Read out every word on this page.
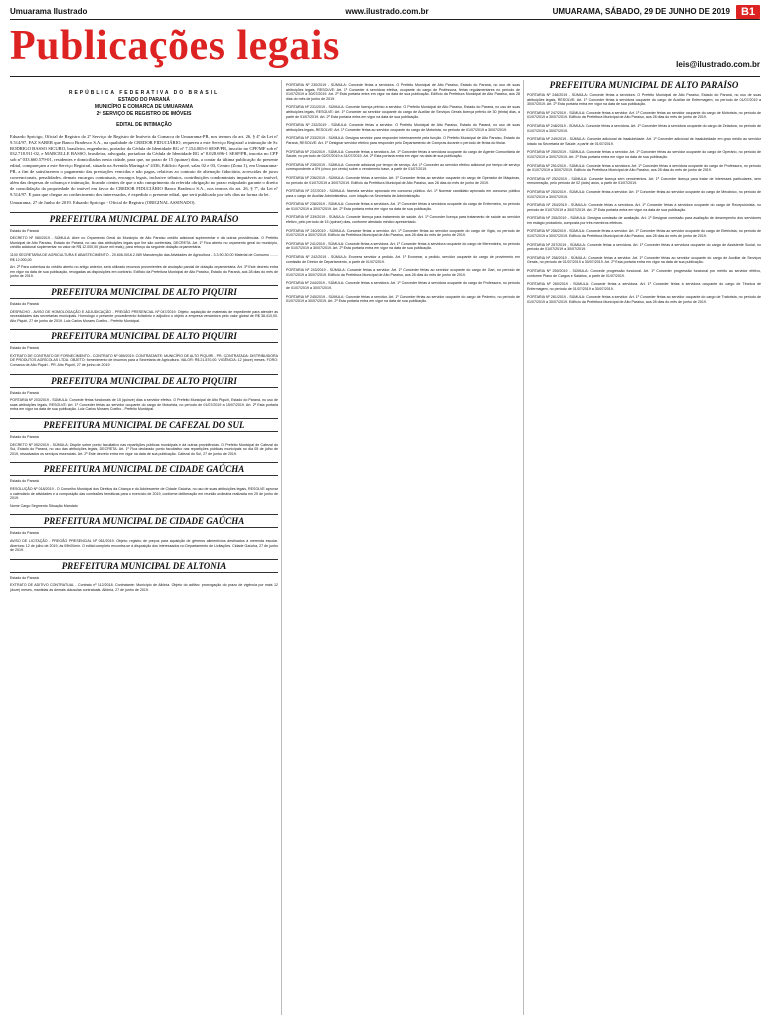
Umuarama Ilustrado	www.ilustrado.com.br	UMUARAMA, SÁBADO, 29 DE JUNHO DE 2019	B1
Publicações legais	leis@ilustrado.com.br
REPÚBLICA FEDERATIVA DO BRASIL
ESTADO DO PARANÁ
MUNICÍPIO E COMARCA DE UMUARAMA
2º SERVIÇO DE REGISTRO DE IMÓVEIS
EDITAL DE INTIMAÇÃO
Eduardo Spricigo, Oficial de Registro do 2º Serviço de Registro de Imóveis da Comarca de Umuarama-PR, nos termos do art. 26, § 4º da Lei nº 9.514/97, FAZ SABER que Banco Bradesco S.A., na qualidade de CREDOR FIDUCIÁRIO, requereu a este Serviço Registral a intimação de Sr. RODRIGO BASSO SICURO, brasileiro, engenheiro, portador da Cédula de Identidade RG nº 7.154.065-0 SESP/PR, inscrito no CPF/MF sob nº 032.718.911-02, e MARCELLE BASSO, brasileira, advogada, portadora da Cédula de Identidade RG nº 8.028.696-1 SESP/PR, inscrita no CPF sob nº 033.660.579-01, residentes e domiciliados nesta cidade, para que, no prazo de 15 (quinze) dias, a contar da última publicação do presente edital, compareçam a este Serviço Registral, situado na Avenida Maringá nº 4336, Edifício Aporé, salas 02 e 03, Centro (Zona 1), em Umuarama-PR, a fim de satisfazerem o pagamento das prestações vencidas e não pagas, relativas ao contrato de alienação fiduciária, acrescidas de juros convencionais, penalidades, demais encargos contratuais, encargos legais, inclusive tributos, contribuições condominiais imputáveis ao imóvel, além das despesas de cobrança e intimação, ficando cientes de que o não cumprimento da referida obrigação no prazo estipulado garante o direito de consolidação da propriedade do imóvel em favor do CREDOR FIDUCIÁRIO Banco Bradesco S.A., nos termos do art. 26, § 7º, da Lei nº 9.514/97. E para que chegue ao conhecimento dos interessados, é expedido o presente edital, que será publicado por três dias na forma da lei.
Umuarama, 27 de Junho de 2019. Eduardo Spricigo - Oficial de Registro (ORIGINAL ASSINADO).
PREFEITURA MUNICIPAL DE ALTO PARAÍSO
Estado do Paraná
DECRETO Nº 080/2019 - SÚMULA: Abre no Orçamento Geral do Município de Alto Paraíso crédito adicional suplementar e dá outras providências. O Prefeito Municipal de Alto Paraíso, Estado do Paraná, no uso das atribuições legais que lhe são conferidas, DECRETA: Art. 1º Fica aberto no orçamento geral do município, crédito adicional suplementar no valor de R$ 12.000,00 (doze mil reais), para reforço da seguinte dotação orçamentária.
1100 SECRETARIA DE AGRICULTURA E ABASTECIMENTO - 20.606.0016.2.089 Manutenção das Atividades de Agricultura - 3.3.90.30.00 Material de Consumo ........ R$ 12.000,00
Art. 2º Para cobertura do crédito aberto no artigo anterior, será utilizado recursos provenientes de anulação parcial de dotação orçamentária. Art. 3º Este decreto entra em vigor na data de sua publicação, revogadas as disposições em contrário. Edifício da Prefeitura Municipal de Alto Paraíso, Estado do Paraná, aos 28 dias do mês de junho de 2019.
PREFEITURA MUNICIPAL DE ALTO PIQUIRI
Estado do Paraná
DESPACHO - AVISO DE HOMOLOGAÇÃO E ADJUDICAÇÃO - PREGÃO PRESENCIAL Nº 047/2019. Objeto: aquisição de materiais de expediente para atender as necessidades das secretarias municipais. Homologo o presente procedimento licitatório e adjudico o objeto a empresa vencedora pelo valor global de R$ 38.410,00. Alto Piquiri, 27 de junho de 2019. Luiz Carlos Moraes Coelho - Prefeito Municipal.
PREFEITURA MUNICIPAL DE ALTO PIQUIRI
Estado do Paraná
EXTRATO DE CONTRATO DE FORNECIMENTO - CONTRATO Nº 089/2019. CONTRATANTE: MUNICÍPIO DE ALTO PIQUIRI - PR. CONTRATADA: DISTRIBUIDORA DE PRODUTOS AGRÍCOLAS LTDA. OBJETO: fornecimento de insumos para a Secretaria de Agricultura. VALOR: R$ 21.870,00. VIGÊNCIA: 12 (doze) meses. FORO: Comarca de Alto Piquiri - PR. Alto Piquiri, 27 de junho de 2019.
PREFEITURA MUNICIPAL DE ALTO PIQUIRI
Estado do Paraná
PORTARIA Nº 203/2019 - SÚMULA: Concede férias funcionais de 15 (quinze) dias a servidor efetivo. O Prefeito Municipal de Alto Piquiri, Estado do Paraná, no uso de suas atribuições legais, RESOLVE: Art. 1º Conceder férias ao servidor ocupante do cargo de Motorista, no período de 01/07/2019 a 15/07/2019. Art. 2º Esta portaria entra em vigor na data de sua publicação. Luiz Carlos Moraes Coelho - Prefeito Municipal.
PREFEITURA MUNICIPAL DE CAFEZAL DO SUL
Estado do Paraná
DECRETO Nº 052/2019 - SÚMULA: Dispõe sobre ponto facultativo nas repartições públicas municipais e dá outras providências. O Prefeito Municipal de Cafezal do Sul, Estado do Paraná, no uso das atribuições legais, DECRETA: Art. 1º Fica declarado ponto facultativo nas repartições públicas municipais no dia 05 de julho de 2019, ressalvados os serviços essenciais. Art. 2º Este decreto entra em vigor na data de sua publicação. Cafezal do Sul, 27 de junho de 2019.
PREFEITURA MUNICIPAL DE CIDADE GAÚCHA
Estado do Paraná
RESOLUÇÃO Nº 018/2019 - O Conselho Municipal dos Direitos da Criança e do Adolescente de Cidade Gaúcha, no uso de suas atribuições legais, RESOLVE aprovar o calendário de atividades e a composição das comissões temáticas para o exercício de 2019, conforme deliberação em reunião ordinária realizada em 25 de junho de 2019.
Nome Cargo Segmento Situação Mandato
PREFEITURA MUNICIPAL DE CIDADE GAÚCHA
Estado do Paraná
AVISO DE LICITAÇÃO - PREGÃO PRESENCIAL Nº 061/2019. Objeto: registro de preços para aquisição de gêneros alimentícios destinados à merenda escolar. Abertura: 12 de julho de 2019, às 09h00min. O edital completo encontra-se à disposição dos interessados no Departamento de Licitações. Cidade Gaúcha, 27 de junho de 2019.
PREFEITURA MUNICIPAL DE ALTONIA
Estado do Paraná
EXTRATO DE ADITIVO CONTRATUAL - Contrato nº 112/2018. Contratante: Município de Altônia. Objeto do aditivo: prorrogação do prazo de vigência por mais 12 (doze) meses, mantidas as demais cláusulas contratuais. Altônia, 27 de junho de 2019.
PORTARIA Nº 230/2019 - SÚMULA: Concede férias a servidora. O Prefeito Municipal de Alto Paraíso, Estado do Paraná, no uso de suas atribuições legais, RESOLVE: Art. 1º Conceder à servidora efetiva, ocupante do cargo de Professora, férias regulamentares no período de 01/07/2019 a 30/07/2019. Art. 2º Esta portaria entra em vigor na data de sua publicação. Edifício da Prefeitura Municipal de Alto Paraíso, aos 28 dias do mês de junho de 2019.
PORTARIA Nº 231/2019 - SÚMULA: Concede licença prêmio a servidor. O Prefeito Municipal de Alto Paraíso, Estado do Paraná, no uso de suas atribuições legais, RESOLVE: Art. 1º Conceder ao servidor ocupante do cargo de Auxiliar de Serviços Gerais licença prêmio de 30 (trinta) dias, a partir de 01/07/2019. Art. 2º Esta portaria entra em vigor na data de sua publicação.
PORTARIA Nº 232/2019 - SÚMULA: Concede férias a servidor. O Prefeito Municipal de Alto Paraíso, Estado do Paraná, no uso de suas atribuições legais, RESOLVE: Art. 1º Conceder férias ao servidor ocupante do cargo de Motorista, no período de 01/07/2019 a 30/07/2019.
PORTARIA Nº 233/2019 - SÚMULA: Designa servidor para responder interinamente pela função. O Prefeito Municipal de Alto Paraíso, Estado do Paraná, RESOLVE: Art. 1º Designar servidor efetivo para responder pelo Departamento de Compras durante o período de férias do titular.
PORTARIA Nº 234/2019 - SÚMULA: Concede férias a servidora. Art. 1º Conceder férias à servidora ocupante do cargo de Agente Comunitária de Saúde, no período de 02/07/2019 a 31/07/2019. Art. 2º Esta portaria entra em vigor na data de sua publicação.
PORTARIA Nº 235/2019 - SÚMULA: Concede adicional por tempo de serviço. Art. 1º Conceder ao servidor efetivo adicional por tempo de serviço correspondente a 5% (cinco por cento) sobre o vencimento base, a partir de 01/07/2019.
PORTARIA Nº 236/2019 - SÚMULA: Concede férias a servidor. Art. 1º Conceder férias ao servidor ocupante do cargo de Operador de Máquinas, no período de 01/07/2019 a 30/07/2019. Edifício da Prefeitura Municipal de Alto Paraíso, aos 28 dias do mês de junho de 2019.
PORTARIA Nº 237/2019 - SÚMULA: Nomeia servidor aprovado em concurso público. Art. 1º Nomear candidato aprovado em concurso público para o cargo de Auxiliar Administrativo, com lotação na Secretaria de Administração.
PORTARIA Nº 238/2019 - SÚMULA: Concede férias a servidora. Art. 1º Conceder férias à servidora ocupante do cargo de Enfermeira, no período de 01/07/2019 a 30/07/2019. Art. 2º Esta portaria entra em vigor na data de sua publicação.
PORTARIA Nº 239/2019 - SÚMULA: Concede licença para tratamento de saúde. Art. 1º Conceder licença para tratamento de saúde ao servidor efetivo, pelo período de 15 (quinze) dias, conforme atestado médico apresentado.
PORTARIA Nº 240/2019 - SÚMULA: Concede férias a servidor. Art. 1º Conceder férias ao servidor ocupante do cargo de Vigia, no período de 01/07/2019 a 30/07/2019. Edifício da Prefeitura Municipal de Alto Paraíso, aos 28 dias do mês de junho de 2019.
PORTARIA Nº 241/2019 - SÚMULA: Concede férias a servidora. Art. 1º Conceder férias à servidora ocupante do cargo de Merendeira, no período de 01/07/2019 a 30/07/2019. Art. 2º Esta portaria entra em vigor na data de sua publicação.
PORTARIA Nº 242/2019 - SÚMULA: Exonera servidor a pedido. Art. 1º Exonerar, a pedido, servidor ocupante do cargo de provimento em comissão de Diretor de Departamento, a partir de 01/07/2019.
PORTARIA Nº 243/2019 - SÚMULA: Concede férias a servidor. Art. 1º Conceder férias ao servidor ocupante do cargo de Gari, no período de 01/07/2019 a 30/07/2019. Edifício da Prefeitura Municipal de Alto Paraíso, aos 28 dias do mês de junho de 2019.
PORTARIA Nº 244/2019 - SÚMULA: Concede férias a servidora. Art. 1º Conceder férias à servidora ocupante do cargo de Professora, no período de 01/07/2019 a 30/07/2019.
PORTARIA Nº 245/2019 - SÚMULA: Concede férias a servidor. Art. 1º Conceder férias ao servidor ocupante do cargo de Pedreiro, no período de 01/07/2019 a 30/07/2019. Art. 2º Esta portaria entra em vigor na data de sua publicação.
PREFEITURA MUNICIPAL DE ALTO PARAÍSO
PORTARIA Nº 246/2019 - SÚMULA: Concede férias a servidora. O Prefeito Municipal de Alto Paraíso, Estado do Paraná, no uso de suas atribuições legais, RESOLVE: Art. 1º Conceder férias à servidora ocupante do cargo de Auxiliar de Enfermagem, no período de 01/07/2019 a 30/07/2019. Art. 2º Esta portaria entra em vigor na data de sua publicação.
PORTARIA Nº 247/2019 - SÚMULA: Concede férias a servidor. Art. 1º Conceder férias ao servidor ocupante do cargo de Motorista, no período de 01/07/2019 a 30/07/2019. Edifício da Prefeitura Municipal de Alto Paraíso, aos 28 dias do mês de junho de 2019.
PORTARIA Nº 248/2019 - SÚMULA: Concede férias a servidora. Art. 1º Conceder férias à servidora ocupante do cargo de Zeladora, no período de 01/07/2019 a 30/07/2019.
PORTARIA Nº 249/2019 - SÚMULA: Concede adicional de insalubridade. Art. 1º Conceder adicional de insalubridade em grau médio ao servidor lotado na Secretaria de Saúde, a partir de 01/07/2019.
PORTARIA Nº 250/2019 - SÚMULA: Concede férias a servidor. Art. 1º Conceder férias ao servidor ocupante do cargo de Operário, no período de 01/07/2019 a 30/07/2019. Art. 2º Esta portaria entra em vigor na data de sua publicação.
PORTARIA Nº 251/2019 - SÚMULA: Concede férias a servidora. Art. 1º Conceder férias à servidora ocupante do cargo de Professora, no período de 01/07/2019 a 30/07/2019. Edifício da Prefeitura Municipal de Alto Paraíso, aos 28 dias do mês de junho de 2019.
PORTARIA Nº 252/2019 - SÚMULA: Concede licença sem vencimentos. Art. 1º Conceder licença para tratar de interesses particulares, sem remuneração, pelo período de 02 (dois) anos, a partir de 01/07/2019.
PORTARIA Nº 253/2019 - SÚMULA: Concede férias a servidor. Art. 1º Conceder férias ao servidor ocupante do cargo de Mecânico, no período de 01/07/2019 a 30/07/2019.
PORTARIA Nº 254/2019 - SÚMULA: Concede férias a servidora. Art. 1º Conceder férias à servidora ocupante do cargo de Recepcionista, no período de 01/07/2019 a 30/07/2019. Art. 2º Esta portaria entra em vigor na data de sua publicação.
PORTARIA Nº 255/2019 - SÚMULA: Designa comissão de avaliação. Art. 1º Designar comissão para avaliação de desempenho dos servidores em estágio probatório, composta por três membros efetivos.
PORTARIA Nº 256/2019 - SÚMULA: Concede férias a servidor. Art. 1º Conceder férias ao servidor ocupante do cargo de Eletricista, no período de 01/07/2019 a 30/07/2019. Edifício da Prefeitura Municipal de Alto Paraíso, aos 28 dias do mês de junho de 2019.
PORTARIA Nº 257/2019 - SÚMULA: Concede férias a servidora. Art. 1º Conceder férias à servidora ocupante do cargo de Assistente Social, no período de 01/07/2019 a 30/07/2019.
PORTARIA Nº 258/2019 - SÚMULA: Concede férias a servidor. Art. 1º Conceder férias ao servidor ocupante do cargo de Auxiliar de Serviços Gerais, no período de 01/07/2019 a 30/07/2019. Art. 2º Esta portaria entra em vigor na data de sua publicação.
PORTARIA Nº 259/2019 - SÚMULA: Concede progressão funcional. Art. 1º Conceder progressão funcional por mérito ao servidor efetivo, conforme Plano de Cargos e Salários, a partir de 01/07/2019.
PORTARIA Nº 260/2019 - SÚMULA: Concede férias a servidora. Art. 1º Conceder férias à servidora ocupante do cargo de Técnica de Enfermagem, no período de 01/07/2019 a 30/07/2019.
PORTARIA Nº 261/2019 - SÚMULA: Concede férias a servidor. Art. 1º Conceder férias ao servidor ocupante do cargo de Tratorista, no período de 01/07/2019 a 30/07/2019. Edifício da Prefeitura Municipal de Alto Paraíso, aos 28 dias do mês de junho de 2019.
